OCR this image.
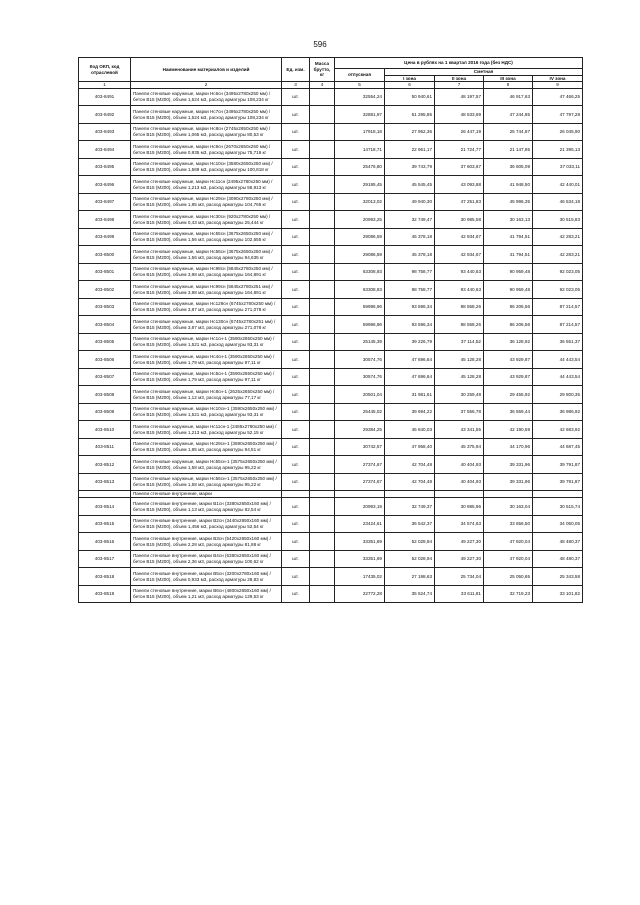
596
Код ОКП, код отраслевой	Наименование материалов и изделий	Ед. изм.	Масса брутто, кг	Цена в рублях на 1 квартал 2016 года (без НДС)				
				отпускная	Сметная			
					I зона	II зона	III зона	IV зона
1	2	3	4	5	6	7	8	9
403-8491	Панели стеновые наружные, марки Нс6сн (3495х2780х250 мм) /бетон В15 (М200), объем 1,524 м3, расход арматуры 108,234 кг	шт.		32554,24	50 940,61	48 197,57	46 917,63	47 466,25
403-8492	Панели стеновые наружные, марки Нс7сн (3495х2780х250 мм) /бетон В15 (М200), объем 1,524 м3, расход арматуры 108,234 кг	шт.		32881,97	51 295,85	48 533,69	47 244,85	47 797,28
403-8493	Панели стеновые наружные, марки Нс8сн (2745х2650х250 мм) /бетон В15 (М200), объем 1,065 м3, расход арматуры 80,53 кг	шт.		17918,18	27 952,36	26 447,19	25 744,87	26 045,90
403-8494	Панели стеновые наружные, марки Нс9сн (2670х2650х250 мм) /бетон В15 (М200), объем 0,935 м3, расход арматуры 75,716 кг	шт.		14718,71	22 961,17	21 724,77	21 147,85	21 395,13
403-8495	Панели стеновые наружные, марки Нс10сн (3580х2650х250 мм) /бетон В15 (М200), объем 1,569 м3, расход арматуры 100,818 кг	шт.		25476,80	39 743,79	37 603,67	36 605,09	37 033,11
403-8496	Панели стеновые наружные, марки Нс11сн (2495х2780х250 мм) /бетон В15 (М200), объем 1,213 м3, расход арматуры 58,913 кг	шт.		29195,45	45 545,45	43 093,88	41 948,50	42 440,01
403-8497	Панели стеновые наружные, марки Нс29сн (3090х2780х250 мм) /бетон В15 (М200), объем 1,85 м3, расход арматуры 104,765 кг	шт.		32013,02	49 940,30	47 251,83	45 996,35	46 534,18
403-8498	Панели стеновые наружные, марки Нс30сн (920х2780х250 мм) /бетон В15 (М200), объем 0,43 м3, расход арматуры 25,444 кг	шт.		20993,25	32 749,47	30 985,58	30 163,13	30 515,83
403-8499	Панели стеновые наружные, марки Нс55сн (3675х2650х250 мм) /бетон В15 (М200), объем 1,56 м3, расход арматуры 102,655 кг	шт.		29086,59	45 378,18	42 934,67	41 794,51	42 283,21
403-8500	Панели стеновые наружные, марки Нс56сн (3675х2650х250 мм) /бетон В15 (М200), объем 1,56 м3, расход арматуры 94,635 кг	шт.		29086,59	45 378,18	42 934,67	41 794,51	42 283,21
403-8501	Панели стеновые наружные, марки Нс98сн (5845х2780х250 мм) /бетон В15 (М200), объем 3,98 м3, расход арматуры 164,891 кг	шт.		63308,93	98 758,77	93 440,63	90 959,48	92 023,05
403-8502	Панели стеновые наружные, марки Нс99сн (5845х2780х251 мм) /бетон В15 (М200), объем 3,98 м3, расход арматуры 164,891 кг	шт.		63308,93	98 758,77	93 440,63	90 959,48	92 023,05
403-8503	Панели стеновые наружные, марки Нс129сн (6745х2780х250 мм) /бетон В15 (М200), объем 3,87 м3, расход арматуры 271,078 кг	шт.		59996,96	93 596,34	88 558,26	86 206,56	87 214,57
403-8504	Панели стеновые наружные, марки Нс130сн (6745х2780х251 мм) /бетон В15 (М200), объем 3,87 м3, расход арматуры 271,078 кг	шт.		59996,96	93 596,34	88 558,26	86 206,56	87 214,57
403-8505	Панели стеновые наружные, марки Нс1сн-1 (3590х2650х250 мм) /бетон В15 (М200), объем 1,521 м3, расход арматуры 93,31 кг	шт.		25145,39	39 226,79	37 114,52	36 128,92	36 551,37
403-8506	Панели стеновые наружные, марки Нс4сн-1 (3590х2650х250 мм) /бетон В15 (М200), объем 1,79 м3, расход арматуры 97,11 кг	шт.		30574,76	47 696,64	45 128,28	43 929,87	44 443,54
403-8507	Панели стеновые наружные, марки Нс5сн-1 (3590х2650х250 мм) /бетон В15 (М200), объем 1,79 м3, расход арматуры 97,11 кг	шт.		30574,76	47 696,64	45 128,28	43 929,87	44 443,54
403-8508	Панели стеновые наружные, марки Нс8сн-1 (2625х2650х250 мм) /бетон В15 (М200), объем 1,12 м3, расход арматуры 77,17 кг	шт.		20501,04	31 981,61	30 259,48	29 455,92	29 800,35
403-8509	Панели стеновые наружные, марки Нс10сн-1 (3590х2650х250 мм) /бетон В15 (М200), объем 1,521 м3, расход арматуры 93,31 кг	шт.		25445,02	39 694,22	37 556,78	36 559,44	36 986,92
403-8510	Панели стеновые наружные, марки Нс11сн-1 (2485х2780х250 мм) /бетон В15 (М200), объем 1,213 м3, расход арматуры 52,15 кг	шт.		29384,25	45 840,03	43 341,55	42 190,59	42 683,92
403-8511	Панели стеновые наружные, марки Нс29сн-1 (3590х2650х250 мм) /бетон В15 (М200), объем 1,85 м3, расход арматуры 94,51 кг	шт.		30742,57	47 958,40	45 375,94	44 170,96	44 687,45
403-8512	Панели стеновые наружные, марки Нс55сн-1 (3575х2650х250 мм) /бетон В15 (М200), объем 1,58 м3, расход арматуры 95,22 кг	шт.		27374,67	42 704,48	40 404,93	39 331,96	39 791,87
403-8513	Панели стеновые наружные, марки Нс56сн-1 (3575х2650х250 мм) /бетон В15 (М200), объем 1,58 м3, расход арматуры 95,22 кг	шт.		27374,67	42 704,48	40 404,93	39 331,96	39 791,87
	Панели стеновые внутренние, марки							
403-8514	Панели стеновые внутренние, марки В1сн (3380х2650х160 мм) /бетон В15 (М200), объем 1,13 м3, расход арматуры 82,54 кг	шт.		20993,19	32 749,37	30 985,96	30 163,04	30 515,74
403-8515	Панели стеновые внутренние, марки В2сн (3440х2650х160 мм) /бетон В15 (М200), объем 1,456 м3, расход арматуры 52,54 кг	шт.		23424,61	36 542,37	34 574,63	33 656,50	34 050,05
403-8516	Панели стеновые внутренние, марки В3сн (5420х2650х160 мм) /бетон В15 (М200), объем 2,28 м3, расход арматуры 81,88 кг	шт.		33351,69	52 028,94	49 227,30	47 920,04	48 480,37
403-8517	Панели стеновые внутренние, марки В4сн (6380х2650х160 мм) /бетон В15 (М200), объем 2,36 м3, расход арматуры 100,62 кг	шт.		33351,69	52 028,94	49 227,30	47 920,04	48 480,37
403-8518	Панели стеновые внутренние, марки В5сн (3200х2780х160 мм) /бетон В15 (М200), объем 0,933 м3, расход арматуры 28,83 кг	шт.		17435,02	27 198,63	25 734,04	25 050,65	25 343,58
403-8519	Панели стеновые внутренние, марки В6сн (4800х2650х160 мм) /бетон В15 (М200), объем 1,21 м3, расход арматуры 129,53 кг	шт.		22772,28	35 524,74	33 611,81	32 719,23	33 101,82
